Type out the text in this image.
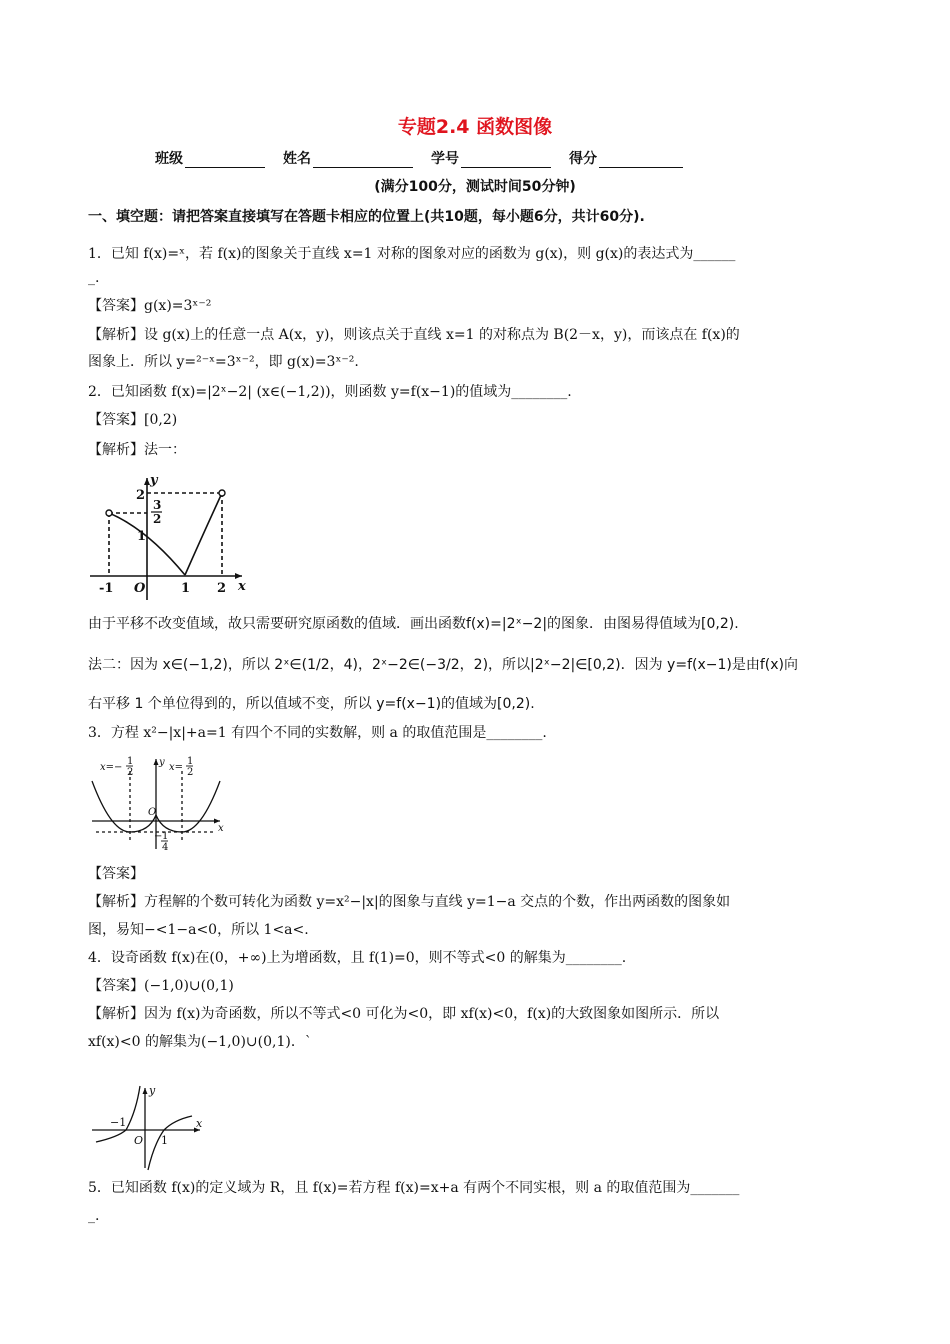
专题2.4 函数图像
班级	姓名	学号	得分
(满分100分，测试时间50分钟)
一、填空题：请把答案直接填写在答题卡相应的位置上(共10题，每小题6分，共计60分).
1．已知 f(x)=ˣ，若 f(x)的图象关于直线 x=1 对称的图象对应的函数为 g(x)，则 g(x)的表达式为______
_.
【答案】g(x)=3ˣ⁻²
【解析】设 g(x)上的任意一点 A(x，y)，则该点关于直线 x=1 的对称点为 B(2－x，y)，而该点在 f(x)的
图象上．所以 y=²⁻ˣ=3ˣ⁻²，即 g(x)=3ˣ⁻².
2．已知函数 f(x)=|2ˣ−2| (x∈(−1,2))，则函数 y=f(x−1)的值域为________.
【答案】[0,2)
【解析】法一：
y
x
O
-1	1 2
1
2
3
2
由于平移不改变值域，故只需要研究原函数的值域．画出函数f(x)=|2ˣ−2|的图象．由图易得值域为[0,2).
法二：因为 x∈(−1,2)，所以 2ˣ∈(1/2，4)，2ˣ−2∈(−3/2，2)，所以|2ˣ−2|∈[0,2)．因为 y=f(x−1)是由f(x)向
右平移 1 个单位得到的，所以值域不变，所以 y=f(x−1)的值域为[0,2).
3．方程 x²−|x|+a=1 有四个不同的实数解，则 a 的取值范围是________.
x=−
1
2	x=
1
2
y
x
O
− 1
4
【答案】
【解析】方程解的个数可转化为函数 y=x²−|x|的图象与直线 y=1−a 交点的个数，作出两函数的图象如
图，易知−<1−a<0，所以 1<a<.
4．设奇函数 f(x)在(0，+∞)上为增函数，且 f(1)=0，则不等式<0 的解集为________.
【答案】(−1,0)∪(0,1)
【解析】因为 f(x)为奇函数，所以不等式<0 可化为<0，即 xf(x)<0，f(x)的大致图象如图所示．所以
xf(x)<0 的解集为(−1,0)∪(0,1)．`
y
x
O
−1
1
5．已知函数 f(x)的定义域为 R，且 f(x)=若方程 f(x)=x+a 有两个不同实根，则 a 的取值范围为_______
_.
